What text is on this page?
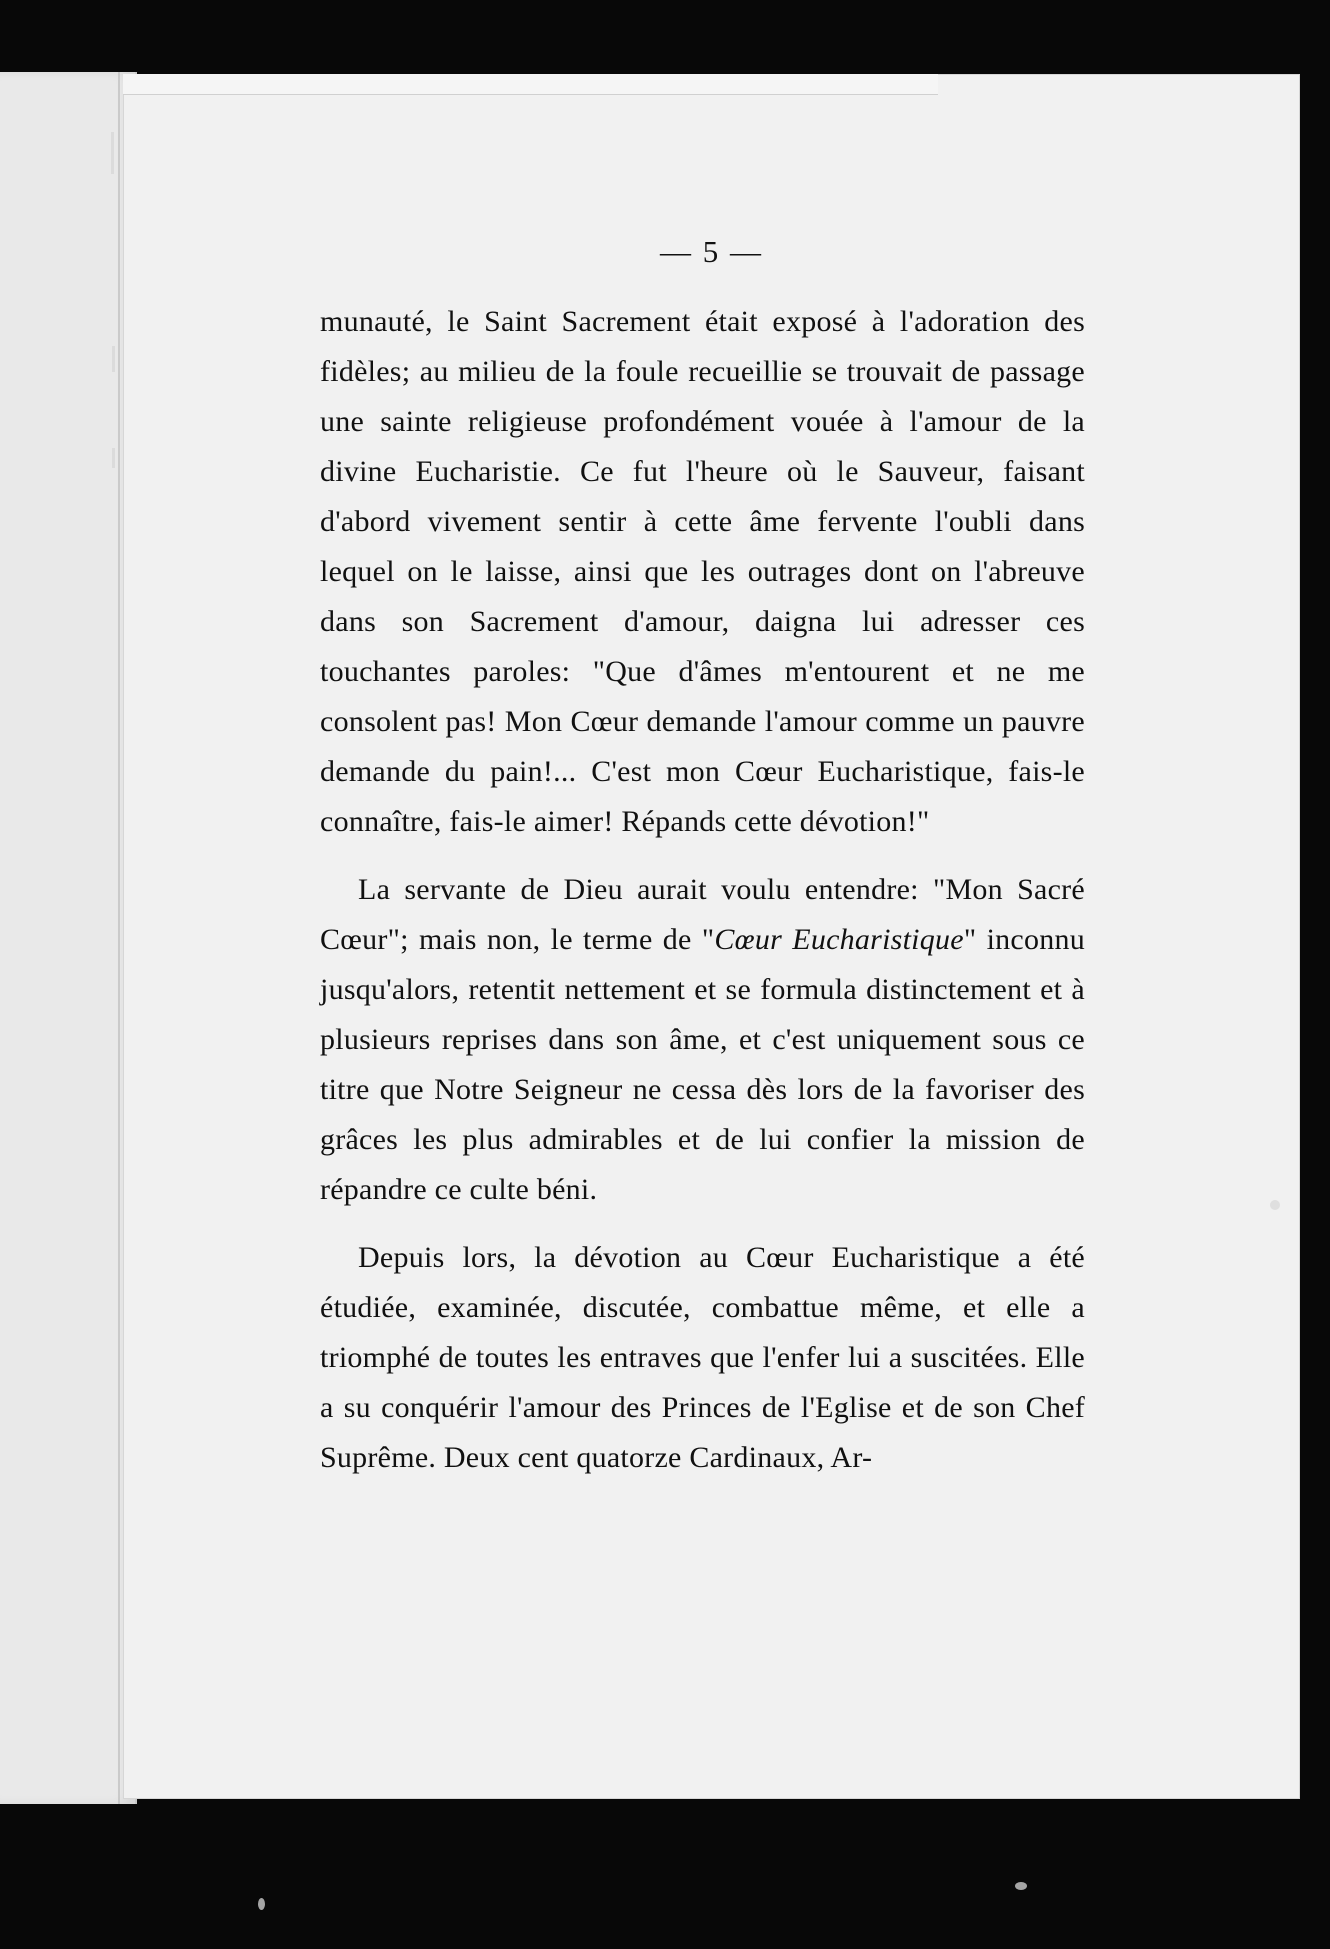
— 5 —

munauté, le Saint Sacrement était exposé à l'adoration des fidèles; au milieu de la foule recueillie se trouvait de passage une sainte religieuse profondément vouée à l'amour de la divine Eucharistie. Ce fut l'heure où le Sauveur, faisant d'abord vivement sentir à cette âme fervente l'oubli dans lequel on le laisse, ainsi que les outrages dont on l'abreuve dans son Sacrement d'amour, daigna lui adresser ces touchantes paroles: "Que d'âmes m'entourent et ne me consolent pas! Mon Cœur demande l'amour comme un pauvre demande du pain!... C'est mon Cœur Eucharistique, fais-le connaître, fais-le aimer! Répands cette dévotion!"

La servante de Dieu aurait voulu entendre: "Mon Sacré Cœur"; mais non, le terme de "Cœur Eucharistique" inconnu jusqu'alors, retentit nettement et se formula distinctement et à plusieurs reprises dans son âme, et c'est uniquement sous ce titre que Notre Seigneur ne cessa dès lors de la favoriser des grâces les plus admirables et de lui confier la mission de répandre ce culte béni.

Depuis lors, la dévotion au Cœur Eucharistique a été étudiée, examinée, discutée, combattue même, et elle a triomphé de toutes les entraves que l'enfer lui a suscitées. Elle a su conquérir l'amour des Princes de l'Eglise et de son Chef Suprême. Deux cent quatorze Cardinaux, Ar-
